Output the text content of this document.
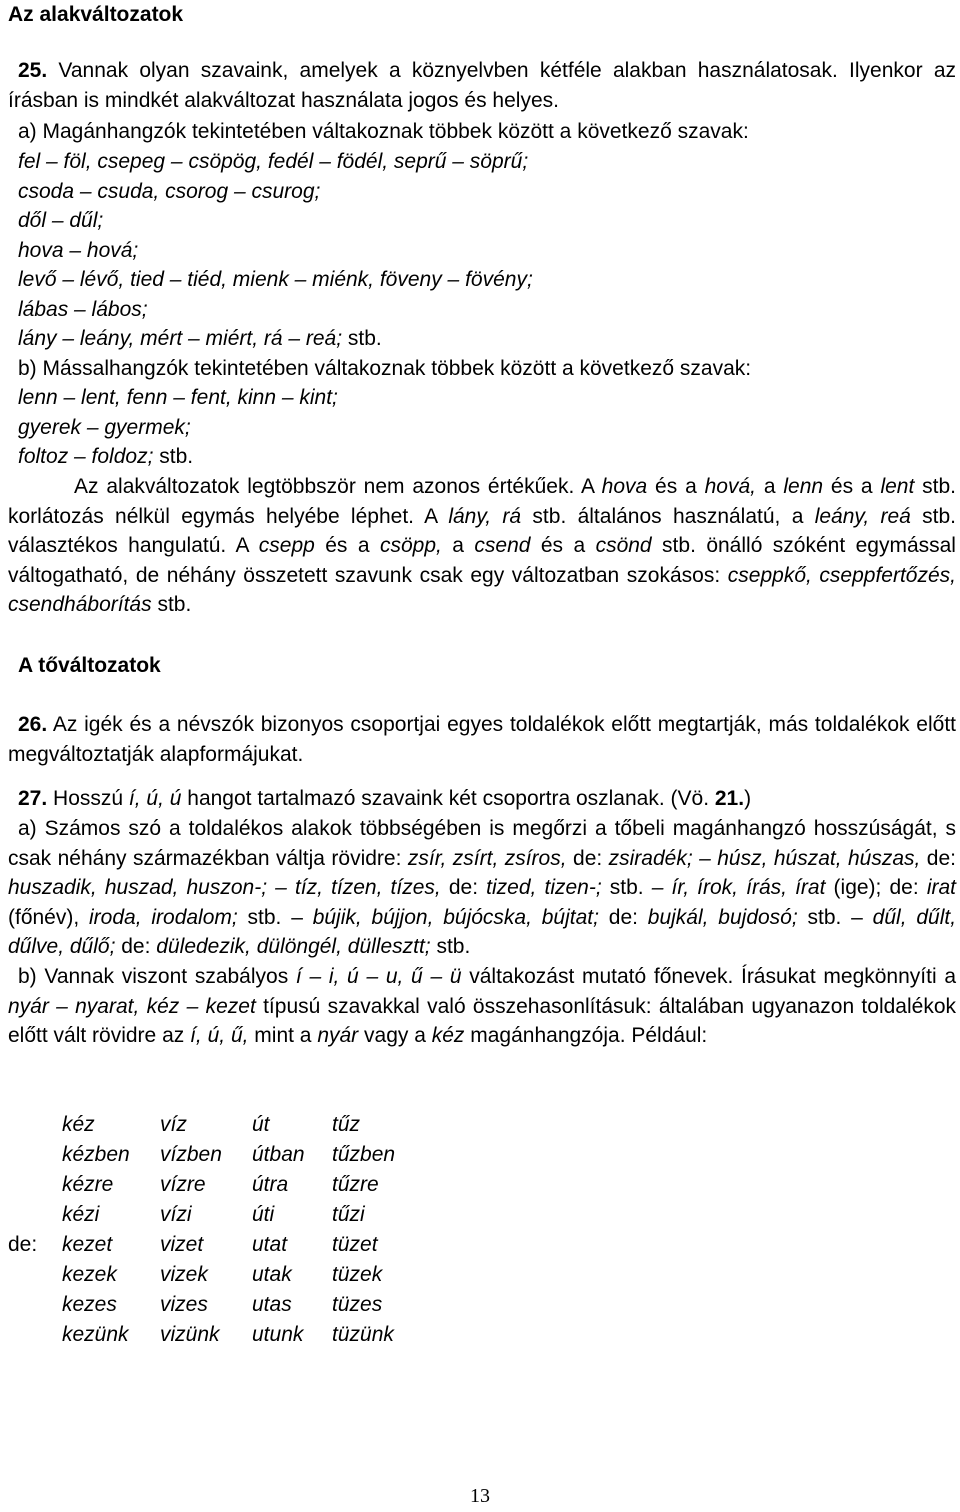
Az alakváltozatok

25. Vannak olyan szavaink, amelyek a köznyelvben kétféle alakban használatosak. Ilyenkor az írásban is mindkét alakváltozat használata jogos és helyes.

a) Magánhangzók tekintetében váltakoznak többek között a következő szavak:
fel – föl, csepeg – csöpög, fedél – födél, seprű – söprű;
csoda – csuda, csorog – csurog;
dől – dűl;
hova – hová;
levő – lévő, tied – tiéd, mienk – miénk, föveny – fövény;
lábas – lábos;
lány – leány, mért – miért, rá – reá; stb.
b) Mássalhangzók tekintetében váltakoznak többek között a következő szavak:
lenn – lent, fenn – fent, kinn – kint;
gyerek – gyermek;
foltoz – foldoz; stb.

Az alakváltozatok legtöbbször nem azonos értékűek. A hova és a hová, a lenn és a lent stb. korlátozás nélkül egymás helyébe léphet. A lány, rá stb. általános használatú, a leány, reá stb. választékos hangulatú. A csepp és a csöpp, a csend és a csönd stb. önálló szóként egymással váltogatható, de néhány összetett szavunk csak egy változatban szokásos: cseppkő, cseppfertőzés, csendháborítás stb.

A tőváltozatok

26. Az igék és a névszók bizonyos csoportjai egyes toldalékok előtt megtartják, más toldalékok előtt megváltoztatják alapformájukat.

27. Hosszú í, ú, ú hangot tartalmazó szavaink két csoportra oszlanak. (Vö. 21.)

a) Számos szó a toldalékos alakok többségében is megőrzi a tőbeli magánhangzó hosszúságát, s csak néhány származékban váltja rövidre: zsír, zsírt, zsíros, de: zsiradék; – húsz, húszat, húszas, de: huszadik, huszad, huszon-; – tíz, tízen, tízes, de: tized, tizen-; stb. – ír, írok, írás, írat (ige); de: irat (főnév), iroda, irodalom; stb. – bújik, bújjon, bújócska, bújtat; de: bujkál, bujdosó; stb. – dűl, dűlt, dűlve, dűlő; de: düledezik, dülöngél, düllesztt; stb.

b) Vannak viszont szabályos í – i, ú – u, ű – ü váltakozást mutató főnevek. Írásukat megkönnyíti a nyár – nyarat, kéz – kezet típusú szavakkal való összehasonlításuk: általában ugyanazon toldalékok előtt vált rövidre az í, ú, ű, mint a nyár vagy a kéz magánhangzója. Például:

	kéz	víz	út	tűz
	kézben	vízben	útban	tűzben
	kézre	vízre	útra	tűzre
	kézi	vízi	úti	tűzi
de:	kezet	vizet	utat	tüzet
	kezek	vizek	utak	tüzek
	kezes	vizes	utas	tüzes
	kezünk	vizünk	utunk	tüzünk
13
